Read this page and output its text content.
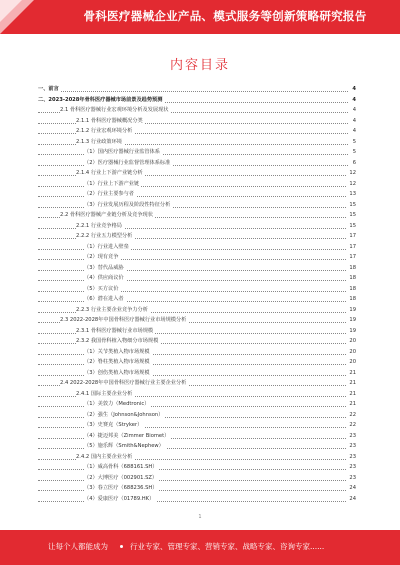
骨科医疗器械企业产品、模式服务等创新策略研究报告
内容目录
一、前言	4
二、2023-2028年骨科医疗器械市场前景及趋势预测	4
2.1 骨科医疗器械行业宏观环境分析及发展现状	4
2.1.1 骨科医疗器械概况分类	4
2.1.2 行业宏观环境分析	4
2.1.3 行业政策环境	5
（1）国内医疗器械行业监管体系	5
（2）医疗器械行业监督管理体系标准	6
2.1.4 行业上下游产业链分析	12
（1）行业上下游产业链	12
（2）行业主要参与者	13
（3）行业发展历程及阶段性特征分析	15
2.2 骨科医疗器械产业链分析及竞争现状	15
2.2.1 行业竞争格局	15
2.2.2 行业五力模型分析	17
（1）行业进入壁垒	17
（2）现有竞争	17
（3）替代品威胁	18
（4）供应商议价	18
（5）买方议价	18
（6）潜在进入者	18
2.2.3 行业主要企业竞争力分析	19
2.3 2022-2028年中国骨科医疗器械行业市场规模分析	19
2.3.1 骨科医疗器械行业市场规模	19
2.3.2 我国骨科植入物细分市场规模	20
（1）关节类植入物市场规模	20
（2）脊柱类植入物市场规模	20
（3）创伤类植入物市场规模	21
2.4 2022-2028年中国骨科医疗器械行业主要企业分析	21
2.4.1 国际主要企业分析	21
（1）美敦力（Medtronic）	21
（2）强生（Johnson&Johnson）	22
（3）史赛克（Stryker）	22
（4）捷迈邦美（Zimmer Biomet）	23
（5）施乐辉（Smith&Nephew）	23
2.4.2 国内主要企业分析	23
（1）威高骨科（688161.SH）	23
（2）大博医疗（002901.SZ）	23
（3）春立医疗（688236.SH）	24
（4）爱康医疗（01789.HK）	24
1
让每个人都能成为	行业专家、管理专家、营销专家、战略专家、咨询专家......
